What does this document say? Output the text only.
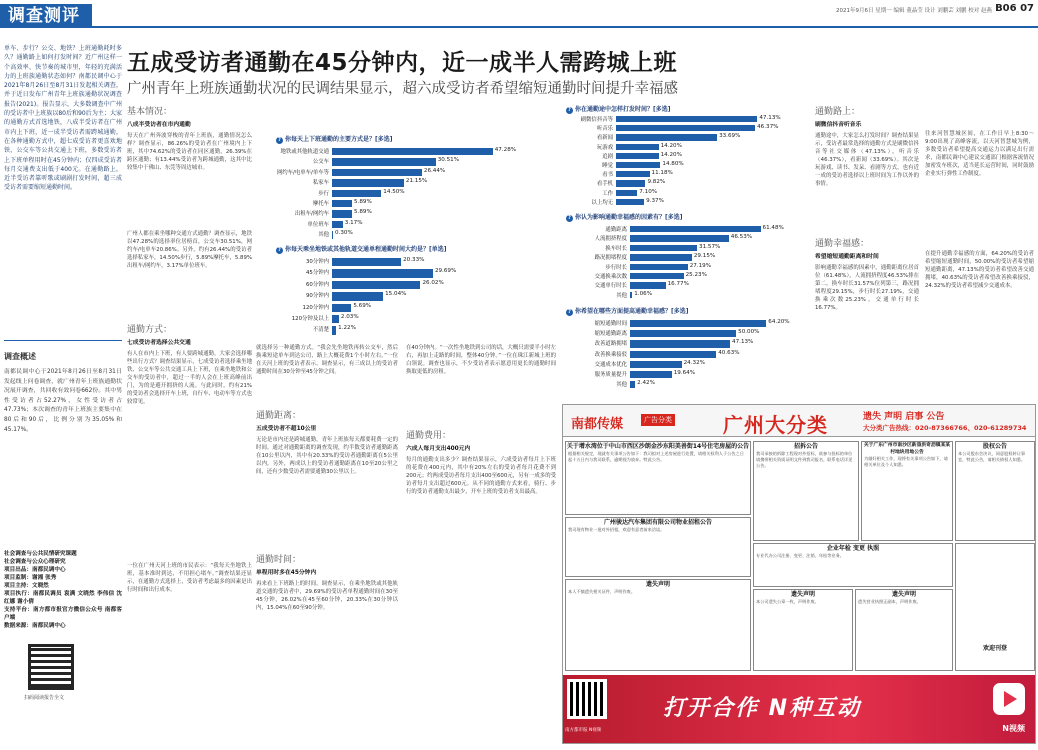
调查测评	2021年9月6日 星期一 编辑 董晶莹 设计 刘鹏芸 刘鹏 校对 赵燕 B06 07
五成受访者通勤在45分钟内，近一成半人需跨城上班
广州青年上班族通勤状况的民调结果显示，超六成受访者希望缩短通勤时间提升幸福感

单车、步行？公交、地铁？上班通勤耗时多久？通勤路上如何打发时间？近广州这样一个高效率、快节奏的城市里，年轻的充满活力的上班族通勤状态如何？南都民调中心于2021年8月26日至8月31日发起相关调查，并于近日发布广州青年上班族通勤状况调查报告(2021)。报告显示，大多数调查中广州的受访者中上班族以80后和90后为主；大家的通勤方式首选地铁，八成半受访者在广州市内上下班，近一成半受访者需跨城通勤，在各种通勤方式中，超七成受访者更喜欢地铁、公交车等公共交通上下班，多数受访者上下班单程用时在45分钟内；仅四成受访者每月交通费支出低于400元。在通勤路上，近半受访者靠听歌或刷剧打发时间，超三成受访者需要缩短通勤时间。

调查概述

南都民调中心于2021年8月26日至8月31日发起线上问卷调查，就广州青年上班族通勤状况展开调查，共回收有效问卷662份。其中男性受访者占52.27%，女性受访者占47.73%；本次调查的青年上班族主要集中在80后和90后，比例分别为35.05%和45.17%。

社会调查与公共民情研究课题

社会调查与公众心理研究

项目出品：南都民调中心

项目监制：谢湘 张秀

项目主持：文晓然

项目执行：南都民调员 袁满 文晓然 李伟信 沈红娜 谢小倩

支持平台：南方都市报官方微信公众号 南都客户端

数据来源：南都民调中心

扫码阅读报告全文

基本情况：
八成半受访者在市内通勤

每天在广州奔波穿梭的青年上班族，通勤情况怎么样？调查显示，86.26%的受访者在广州境内上下班，其中74.62%的受访者在同区通勤，26.39%在跨区通勤；有13.44%受访者为跨城通勤，这其中比较集中于佛山、东莞等周边城市。

广州人都在乘坐哪种交通方式通勤？调查显示，地铁以47.28%的选择率位居榜首，公交车30.51%，网约车/电单车20.86%。另外，约有26.44%的受访者选择私家车，14.50%步行，5.89%摩托车，5.89%出租车/网约车，3.17%单位班车。

通勤方式：
七成受访者选择公共交通

有人在市内上下班，有人要跨城通勤。大家会选择哪些出行方式？调查结果显示，七成受访者选择乘坐地铁、公交车等公共交通工具上下班，在乘坐地铁和公交车的受访者中，超过一半的人会在上班高峰前出门，为的是避开拥挤的人流。与此同时，约有21%的受访者会选择开车上班，自行车、电动车等方式也较常见。

一位在广州天河上班的市民表示：“我每天坐地铁上班，基本准时到达，不用担心堵车。”调查结果还显示，在通勤方式选择上，受访者考虑最多的因素是出行时间和出行成本。

? 你每天上下班通勤的主要方式是？[多选]
地铁或其他轨道交通	47.28%
公交车	30.51%
网约车/电单车/单车等	26.44%
私家车	21.15%
步行	14.50%
摩托车	5.89%
出租车/网约车	5.89%
单位班车	3.17%
其他 0.30%
? 你每天乘坐地铁或其他轨道交通单程通勤时间大约是？[单选]
30分钟内	20.33%
45分钟内	29.69%
60分钟内	26.02%
90分钟内	15.04%
120分钟内	5.69%
120分钟及以上 2.03%
不清楚 1.22%

就选择另一种通勤方式。“我会先坐地铁再转公交车，然后换乘短途单车到达公司，路上大概花费1个小时左右。”一位在天河上班的受访者表示。调查显示，有三成以上的受访者通勤时间在30分钟至45分钟之间。

通勤距离：
五成受访者不超10公里

无论是市内还是跨城通勤，青年上班族每天都要耗费一定的时间。通过对通勤距离的调查发现，约半数受访者通勤距离在10公里以内，其中有20.33%的受访者通勤距离在5公里以内。另外，两成以上的受访者通勤距离在10至20公里之间，还有少数受访者需要通勤30公里以上。

通勤时间：
单程用时多在45分钟内

再来看上下班路上的时间。调查显示，在乘坐地铁或其他轨道交通的受访者中，29.69%的受访者单程通勤时间在30至45分钟，26.02%在45至60分钟，20.33%在30分钟以内，15.04%在60至90分钟。

在40分钟内。“一次性坐地铁到公司的话，大概只需要半小时左右，再加上走路的时间，整体40分钟。”一位在珠江新城上班的白领说。调查也显示，不少受访者表示愿意用更长的通勤时间换取更低的房租。

通勤费用：
六成人每月支出400元内

每月的通勤支出多少？调查结果显示，六成受访者每月上下班的花费在400元内，其中有20%左右的受访者每月花费不到200元；约两成受访者每月支出400至600元，另有一成多的受访者每月支出超过600元。从不同的通勤方式来看，骑行、步行的受访者通勤支出最少，开车上班的受访者支出最高。

? 你在通勤途中怎样打发时间？[多选]
刷微信抖音等	47.13%
听音乐	46.37%
看新闻	33.69%
玩游戏	14.20%
追剧	14.20%
睡觉	14.80%
看书	11.18%
看手机	9.82%
工作	7.10%
以上均无	9.37%
? 你认为影响通勤幸福感的因素有？[多选]
通勤距离	61.48%
人流拥挤程度	46.53%
换车时长	31.57%
路况拥堵程度	29.15%
步行时长	27.19%
交通换乘次数	25.23%
交通单行时长	16.77%
其他 1.06%
? 你希望在哪些方面提高通勤幸福感？[多选]
缩短通勤时间	64.20%
缩短通勤距离	50.00%
改善道路拥堵	47.13%
改善换乘接驳	40.63%
交通成本优化	24.32%
服务质量提升	19.64%
其他 2.42%
通勤路上：
刷微信抖音听音乐

通勤途中，大家怎么打发时间？调查结果显示，受访者最常选择的通勤方式是刷微信抖音等社交媒体（47.13%），听音乐（46.37%），看新闻（33.69%）。其次是玩游戏、读书、发呆、看剧等方式，也有近一成的受访者选择以上班时间为工作以外的事情。

通勤幸福感：
希望缩短通勤距离和时间

影响通勤幸福感的因素中，通勤距离位居首位（61.48%），人流拥挤程度46.53%排在第二，换车时长31.57%位列第三，路况拥堵程度29.15%，步行时长27.19%，交通换乘次数25.23%，交通单行时长16.77%。

往来河智慧城区间，在工作日早上8:30～9:00出现了高峰客流，以天河智慧城为例，多数受访者希望提高交通运力以满足出行需求，南都民调中心建议交通部门根据客流情况加密发车班次，适当延长运营时间，同时鼓励企业实行弹性工作制度。

在提升通勤幸福感的方面，64.20%的受访者希望缩短通勤时间，50.00%的受访者希望缩短通勤距离，47.13%的受访者希望改善交通拥堵，40.63%的受访者希望改善换乘接驳，24.32%的受访者希望减少交通成本。

南都传媒	广告分类	广州大分类	遗失 声明 启事 公告
大分类广告热线：020-87366766、020-61289734
关于增水湾位于中山市西区沙朗金沙东阳美善街14号住宅房屋的公告
根据相关规定，现就有关事项公告如下：我司拟对上述房屋进行处置，请相关权利人于公告之日起十五日内与我司联系，逾期视为放弃。特此公告。
招拆公告
我司承接的拆除工程现对外招标，欲参与投标的单位请携带相关资质证明文件到我司报名。联系电话详见公告。
关于广东广州市南沙区新垦洪奇沥镇某某村地块用地公告
为做好相关工作，现将有关事项公告如下，请相关单位及个人知悉。
股权公告
本公司股东会决议，同意股权转让事宜，特此公告，请相关债权人知悉。
广州骏达汽车集团有限公司物业招租公告
我司现有物业一批对外招租，欢迎有意者前来洽谈。
遗失声明
本人不慎遗失相关证件，声明作废。
企业年检 变更 执照
专业代办公司注册、变更、注销、年检等业务。
遗失声明
本公司遗失公章一枚，声明作废。
遗失声明
遗失营业执照正副本，声明作废。
欢迎刊登
南方都市报 N视频
打开合作 N种互动
N视频
